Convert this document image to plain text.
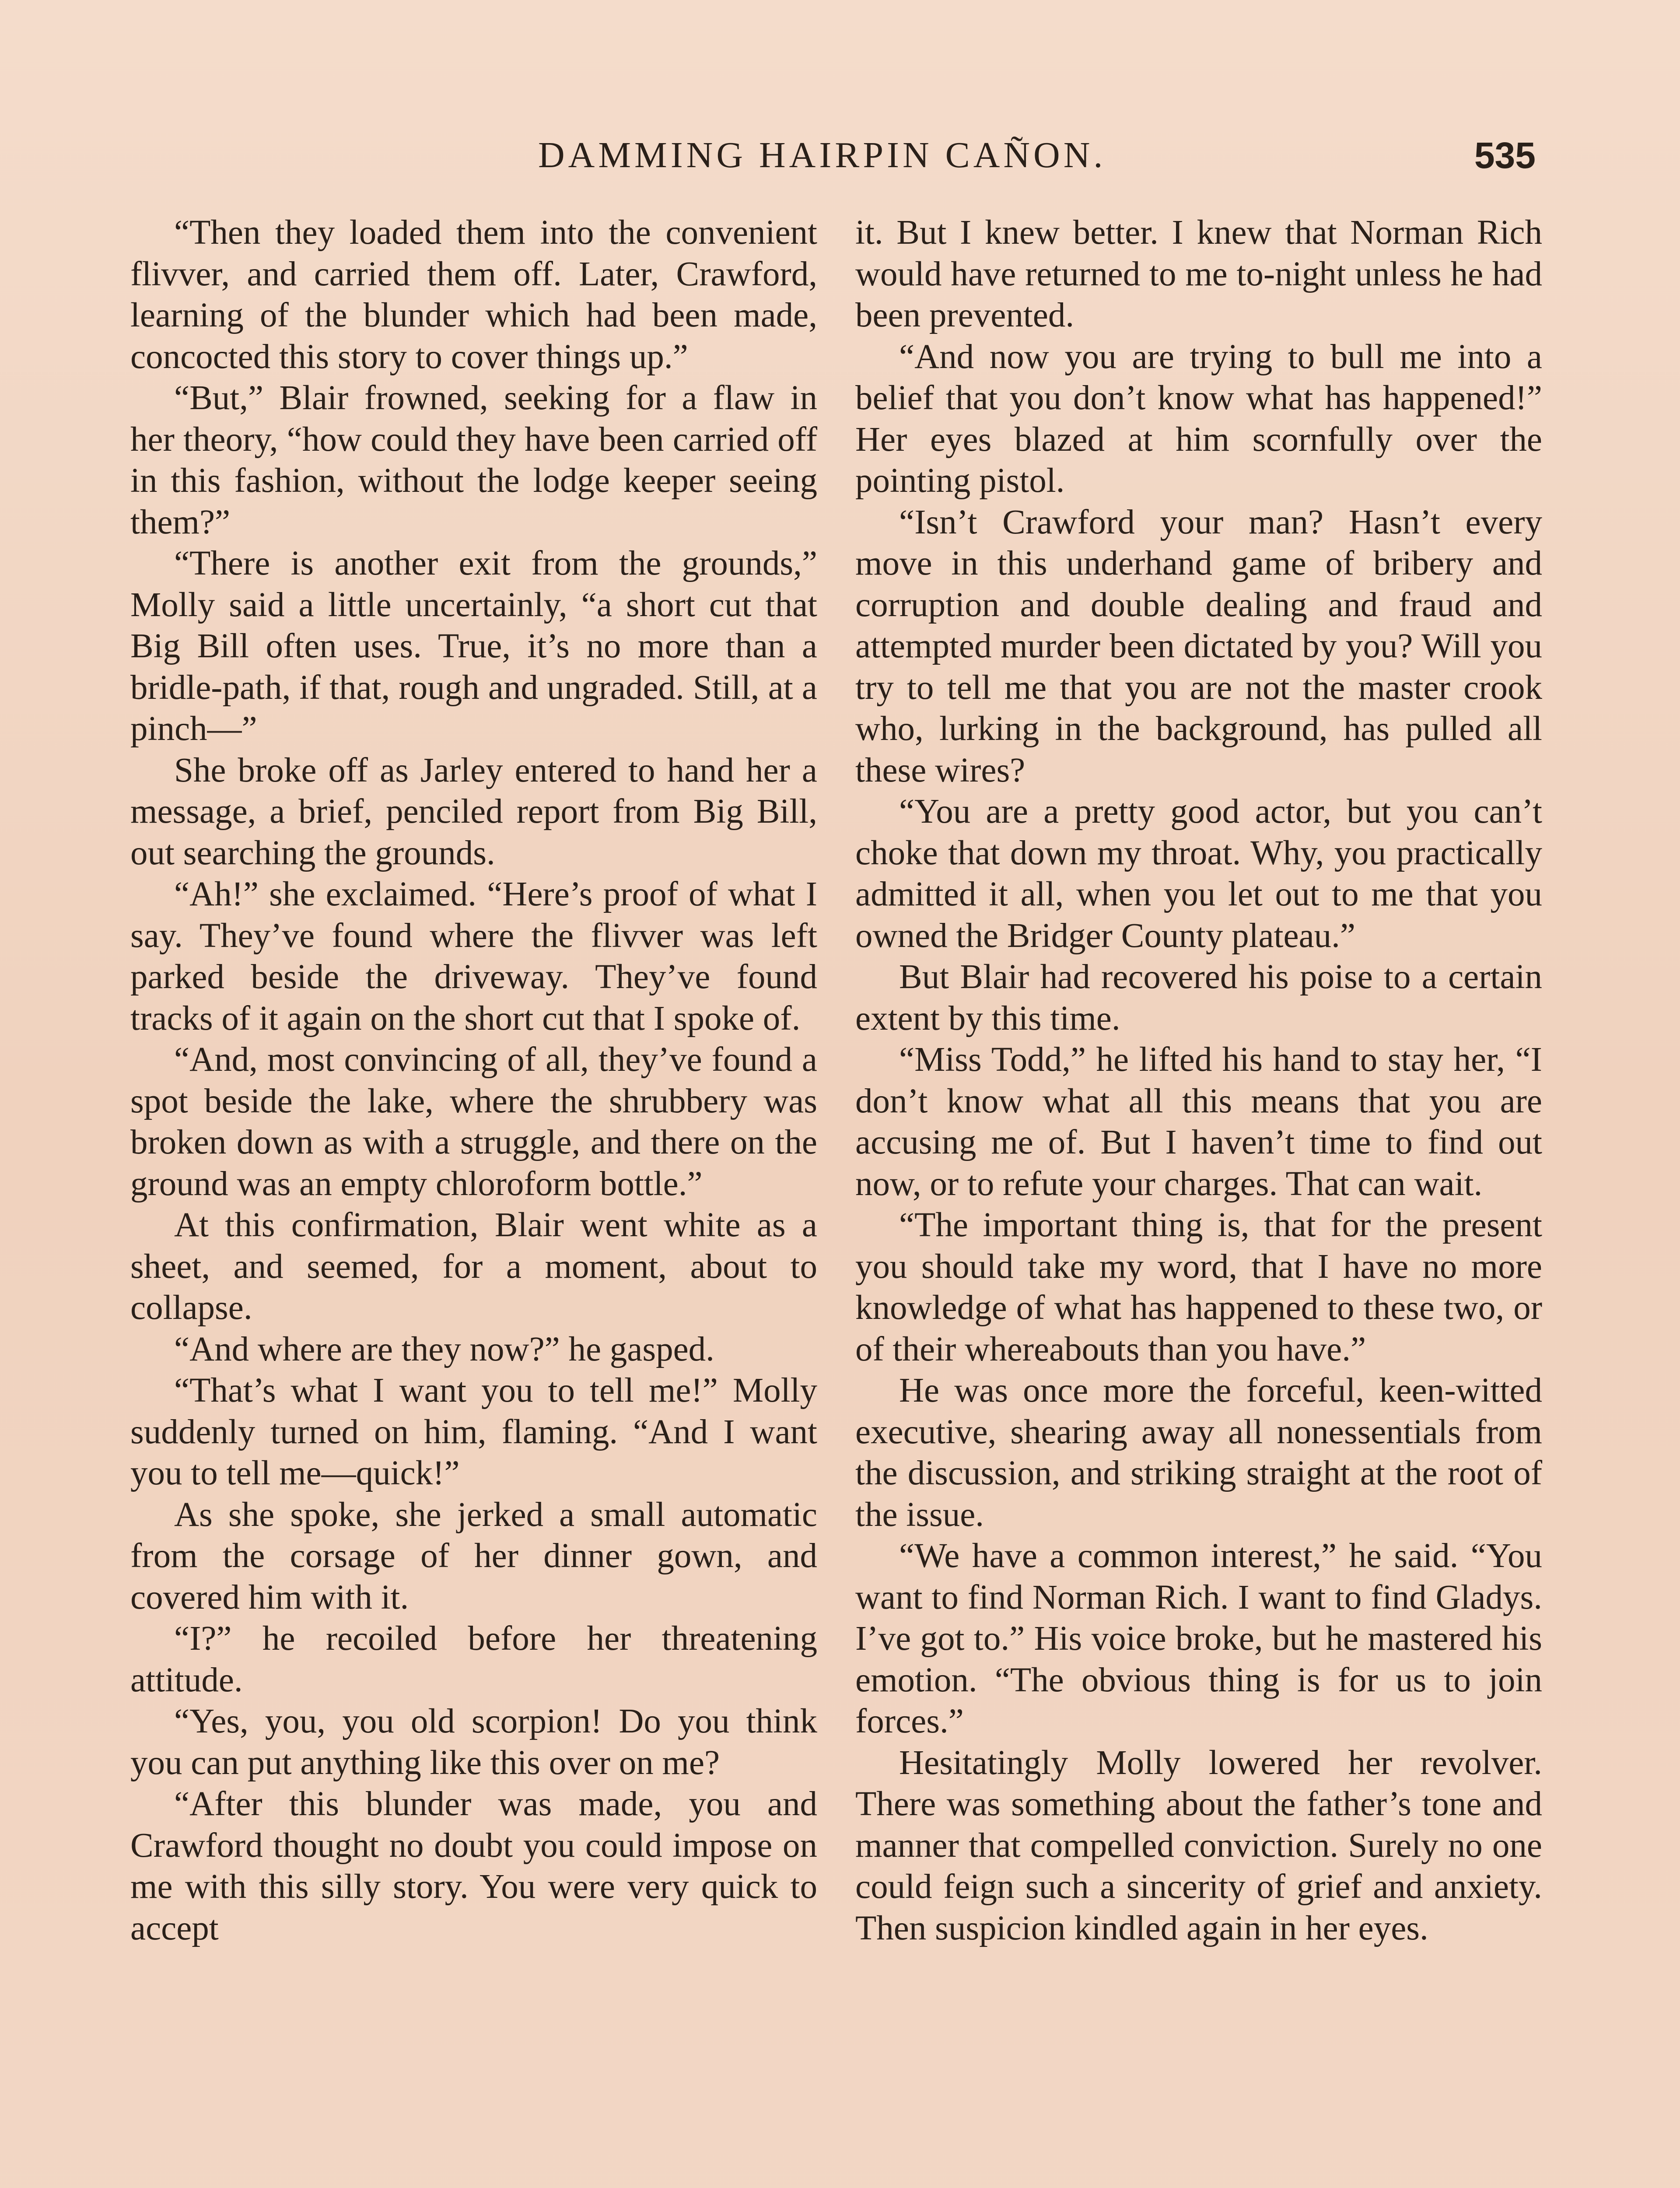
DAMMING HAIRPIN CAÑON.	535

“Then they loaded them into the convenient flivver, and carried them off. Later, Crawford, learning of the blunder which had been made, concocted this story to cover things up.”

“But,” Blair frowned, seeking for a flaw in her theory, “how could they have been carried off in this fashion, without the lodge keeper seeing them?”

“There is another exit from the grounds,” Molly said a little uncertainly, “a short cut that Big Bill often uses. True, it’s no more than a bridle-path, if that, rough and ungraded. Still, at a pinch—”

She broke off as Jarley entered to hand her a message, a brief, penciled report from Big Bill, out searching the grounds.

“Ah!” she exclaimed. “Here’s proof of what I say. They’ve found where the flivver was left parked beside the driveway. They’ve found tracks of it again on the short cut that I spoke of.

“And, most convincing of all, they’ve found a spot beside the lake, where the shrubbery was broken down as with a struggle, and there on the ground was an empty chloroform bottle.”

At this confirmation, Blair went white as a sheet, and seemed, for a moment, about to collapse.

“And where are they now?” he gasped.

“That’s what I want you to tell me!” Molly suddenly turned on him, flaming. “And I want you to tell me—quick!”

As she spoke, she jerked a small automatic from the corsage of her dinner gown, and covered him with it.

“I?” he recoiled before her threatening attitude.

“Yes, you, you old scorpion! Do you think you can put anything like this over on me?

“After this blunder was made, you and Crawford thought no doubt you could impose on me with this silly story. You were very quick to accept

it. But I knew better. I knew that Norman Rich would have returned to me to-night unless he had been prevented.

“And now you are trying to bull me into a belief that you don’t know what has happened!” Her eyes blazed at him scornfully over the pointing pistol.

“Isn’t Crawford your man? Hasn’t every move in this underhand game of bribery and corruption and double dealing and fraud and attempted murder been dictated by you? Will you try to tell me that you are not the master crook who, lurking in the background, has pulled all these wires?

“You are a pretty good actor, but you can’t choke that down my throat. Why, you practically admitted it all, when you let out to me that you owned the Bridger County plateau.”

But Blair had recovered his poise to a certain extent by this time.

“Miss Todd,” he lifted his hand to stay her, “I don’t know what all this means that you are accusing me of. But I haven’t time to find out now, or to refute your charges. That can wait.

“The important thing is, that for the present you should take my word, that I have no more knowledge of what has happened to these two, or of their whereabouts than you have.”

He was once more the forceful, keen-witted executive, shearing away all nonessentials from the discussion, and striking straight at the root of the issue.

“We have a common interest,” he said. “You want to find Norman Rich. I want to find Gladys. I’ve got to.” His voice broke, but he mastered his emotion. “The obvious thing is for us to join forces.”

Hesitatingly Molly lowered her revolver. There was something about the father’s tone and manner that compelled conviction. Surely no one could feign such a sincerity of grief and anxiety. Then suspicion kindled again in her eyes.
